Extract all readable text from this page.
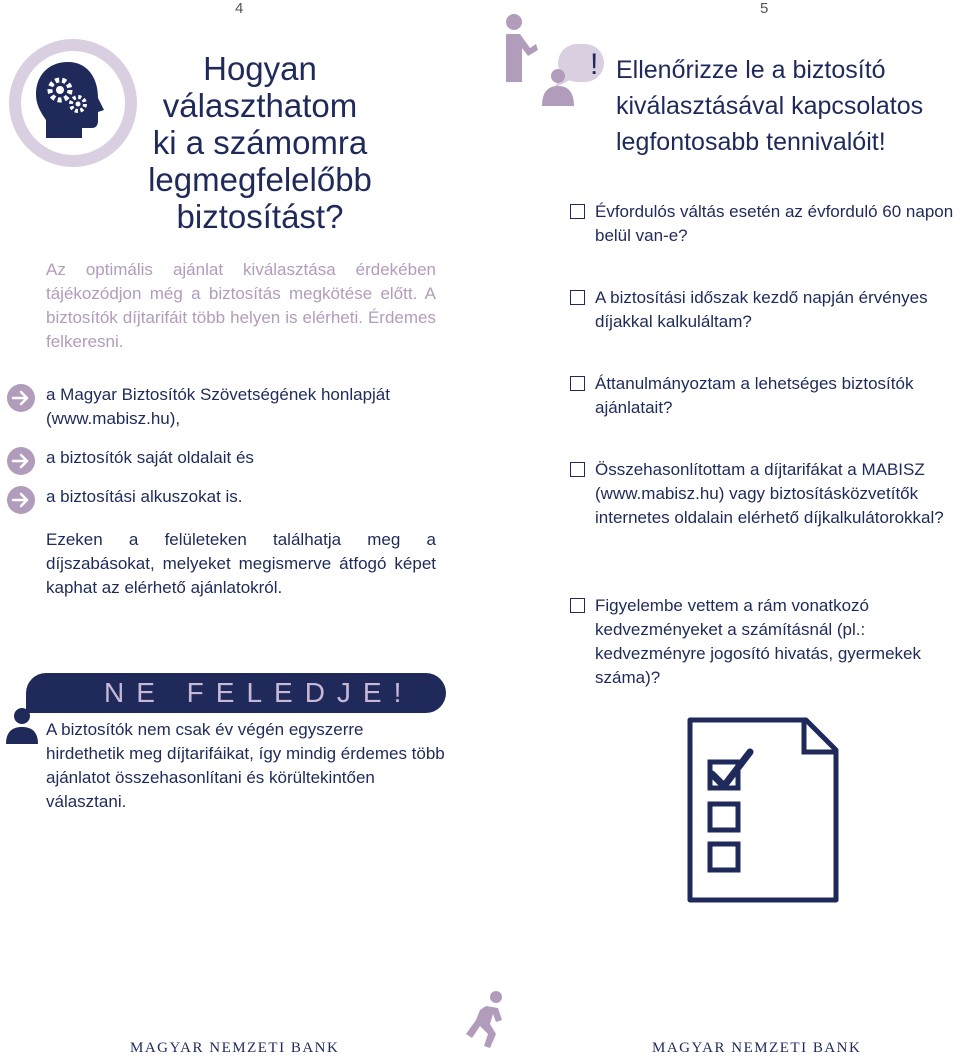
4
Hogyan
választhatom
ki a számomra
legmegfelelőbb
biztosítást?

Az optimális ajánlat kiválasztása érdekében tájékozódjon még a biztosítás megkötése előtt. A biztosítók díjtarifáit több helyen is elérheti. Érdemes felkeresni.

a Magyar Biztosítók Szövetségének honlapját (www.mabisz.hu),
a biztosítók saját oldalait és
a biztosítási alkuszokat is.

Ezeken a felületeken találhatja meg a díjszabásokat, melyeket megismerve átfogó képet kaphat az elérhető ajánlatokról.

NE FELEDJE!

A biztosítók nem csak év végén egyszerre hirdethetik meg díjtarifáikat, így mindig érdemes több ajánlatot összehasonlítani és körültekintően választani.

MAGYAR NEMZETI BANK
5
! Ellenőrizze le a biztosító kiválasztásával kapcsolatos legfontosabb tennivalóit!
Évfordulós váltás esetén az évforduló 60 napon belül van-e?
A biztosítási időszak kezdő napján érvényes díjakkal kalkuláltam?
Áttanulmányoztam a lehetséges biztosítók ajánlatait?
Összehasonlítottam a díjtarifákat a MABISZ (www.mabisz.hu) vagy biztosításközvetítők internetes oldalain elérhető díjkalkulátorokkal?
Figyelembe vettem a rám vonatkozó kedvezményeket a számításnál (pl.: kedvezményre jogosító hivatás, gyermekek száma)?
MAGYAR NEMZETI BANK
